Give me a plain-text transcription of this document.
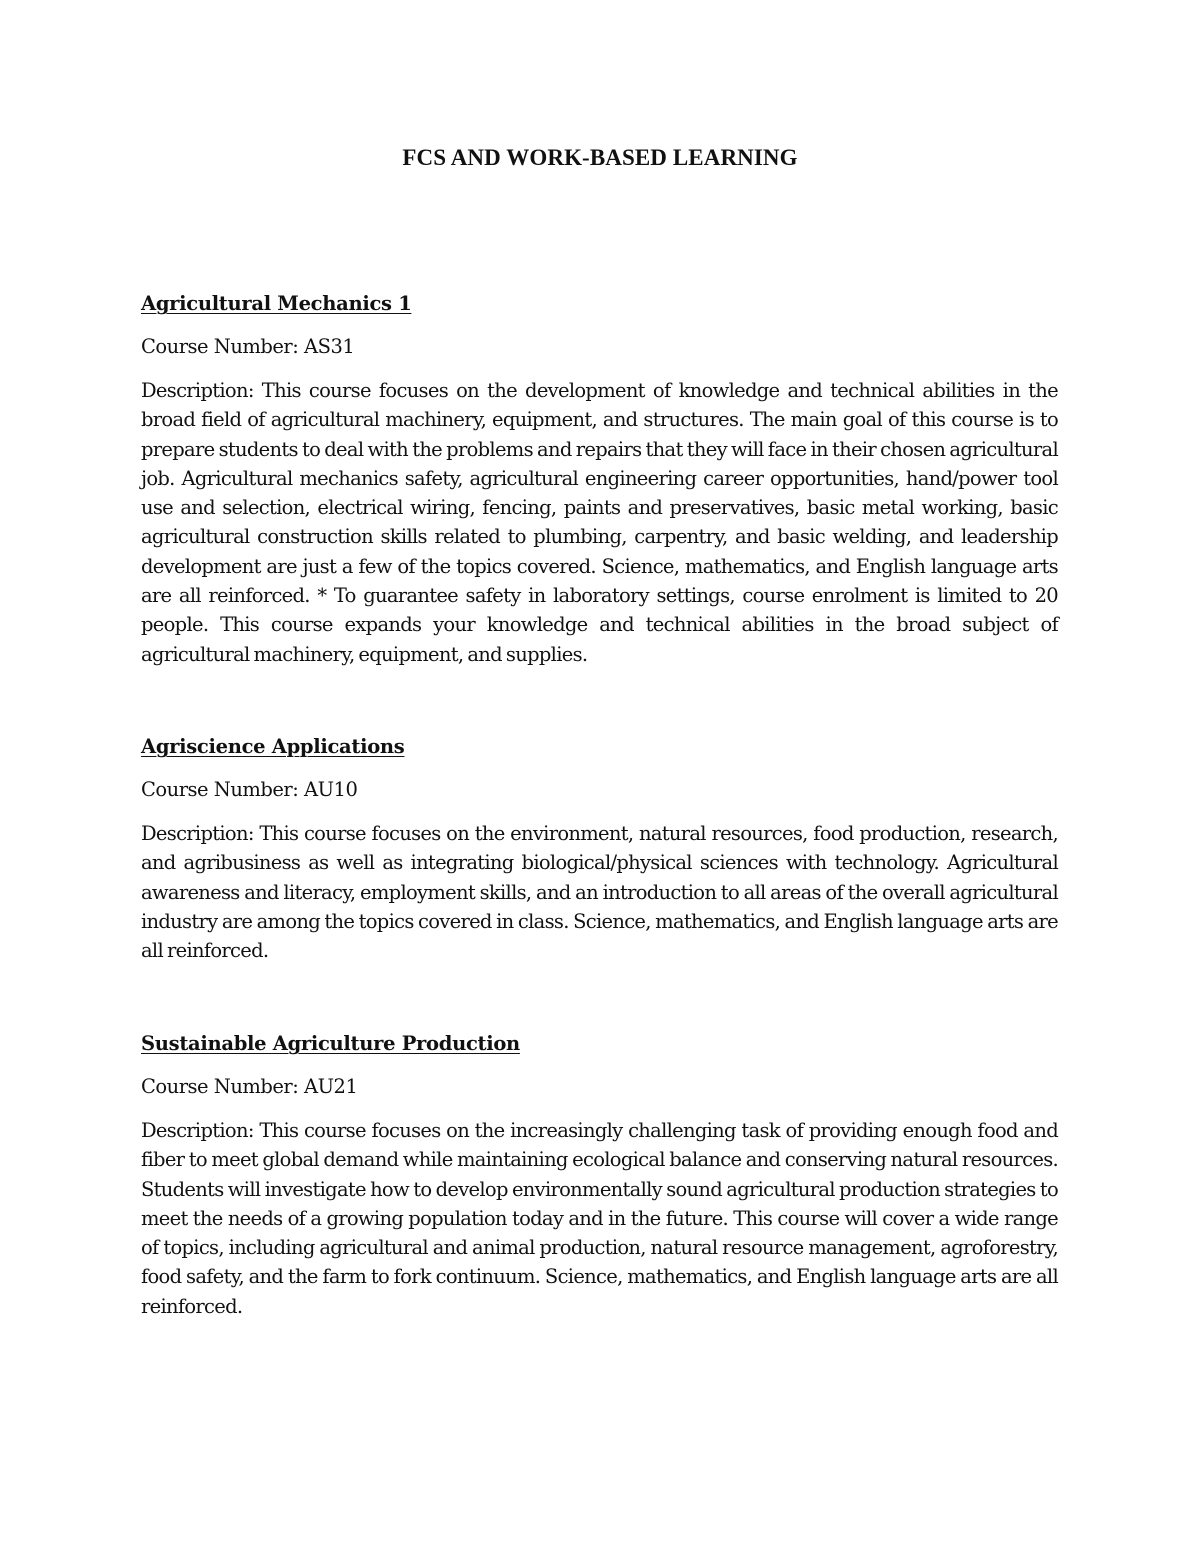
FCS AND WORK-BASED LEARNING
Agricultural Mechanics 1
Course Number: AS31
Description: This course focuses on the development of knowledge and technical abilities in the broad field of agricultural machinery, equipment, and structures. The main goal of this course is to prepare students to deal with the problems and repairs that they will face in their chosen agricultural job. Agricultural mechanics safety, agricultural engineering career opportunities, hand/power tool use and selection, electrical wiring, fencing, paints and preservatives, basic metal working, basic agricultural construction skills related to plumbing, carpentry, and basic welding, and leadership development are just a few of the topics covered. Science, mathematics, and English language arts are all reinforced. * To guarantee safety in laboratory settings, course enrolment is limited to 20 people. This course expands your knowledge and technical abilities in the broad subject of agricultural machinery, equipment, and supplies.
Agriscience Applications
Course Number: AU10
Description: This course focuses on the environment, natural resources, food production, research, and agribusiness as well as integrating biological/physical sciences with technology. Agricultural awareness and literacy, employment skills, and an introduction to all areas of the overall agricultural industry are among the topics covered in class. Science, mathematics, and English language arts are all reinforced.
Sustainable Agriculture Production
Course Number: AU21
Description: This course focuses on the increasingly challenging task of providing enough food and fiber to meet global demand while maintaining ecological balance and conserving natural resources. Students will investigate how to develop environmentally sound agricultural production strategies to meet the needs of a growing population today and in the future. This course will cover a wide range of topics, including agricultural and animal production, natural resource management, agroforestry, food safety, and the farm to fork continuum. Science, mathematics, and English language arts are all reinforced.
